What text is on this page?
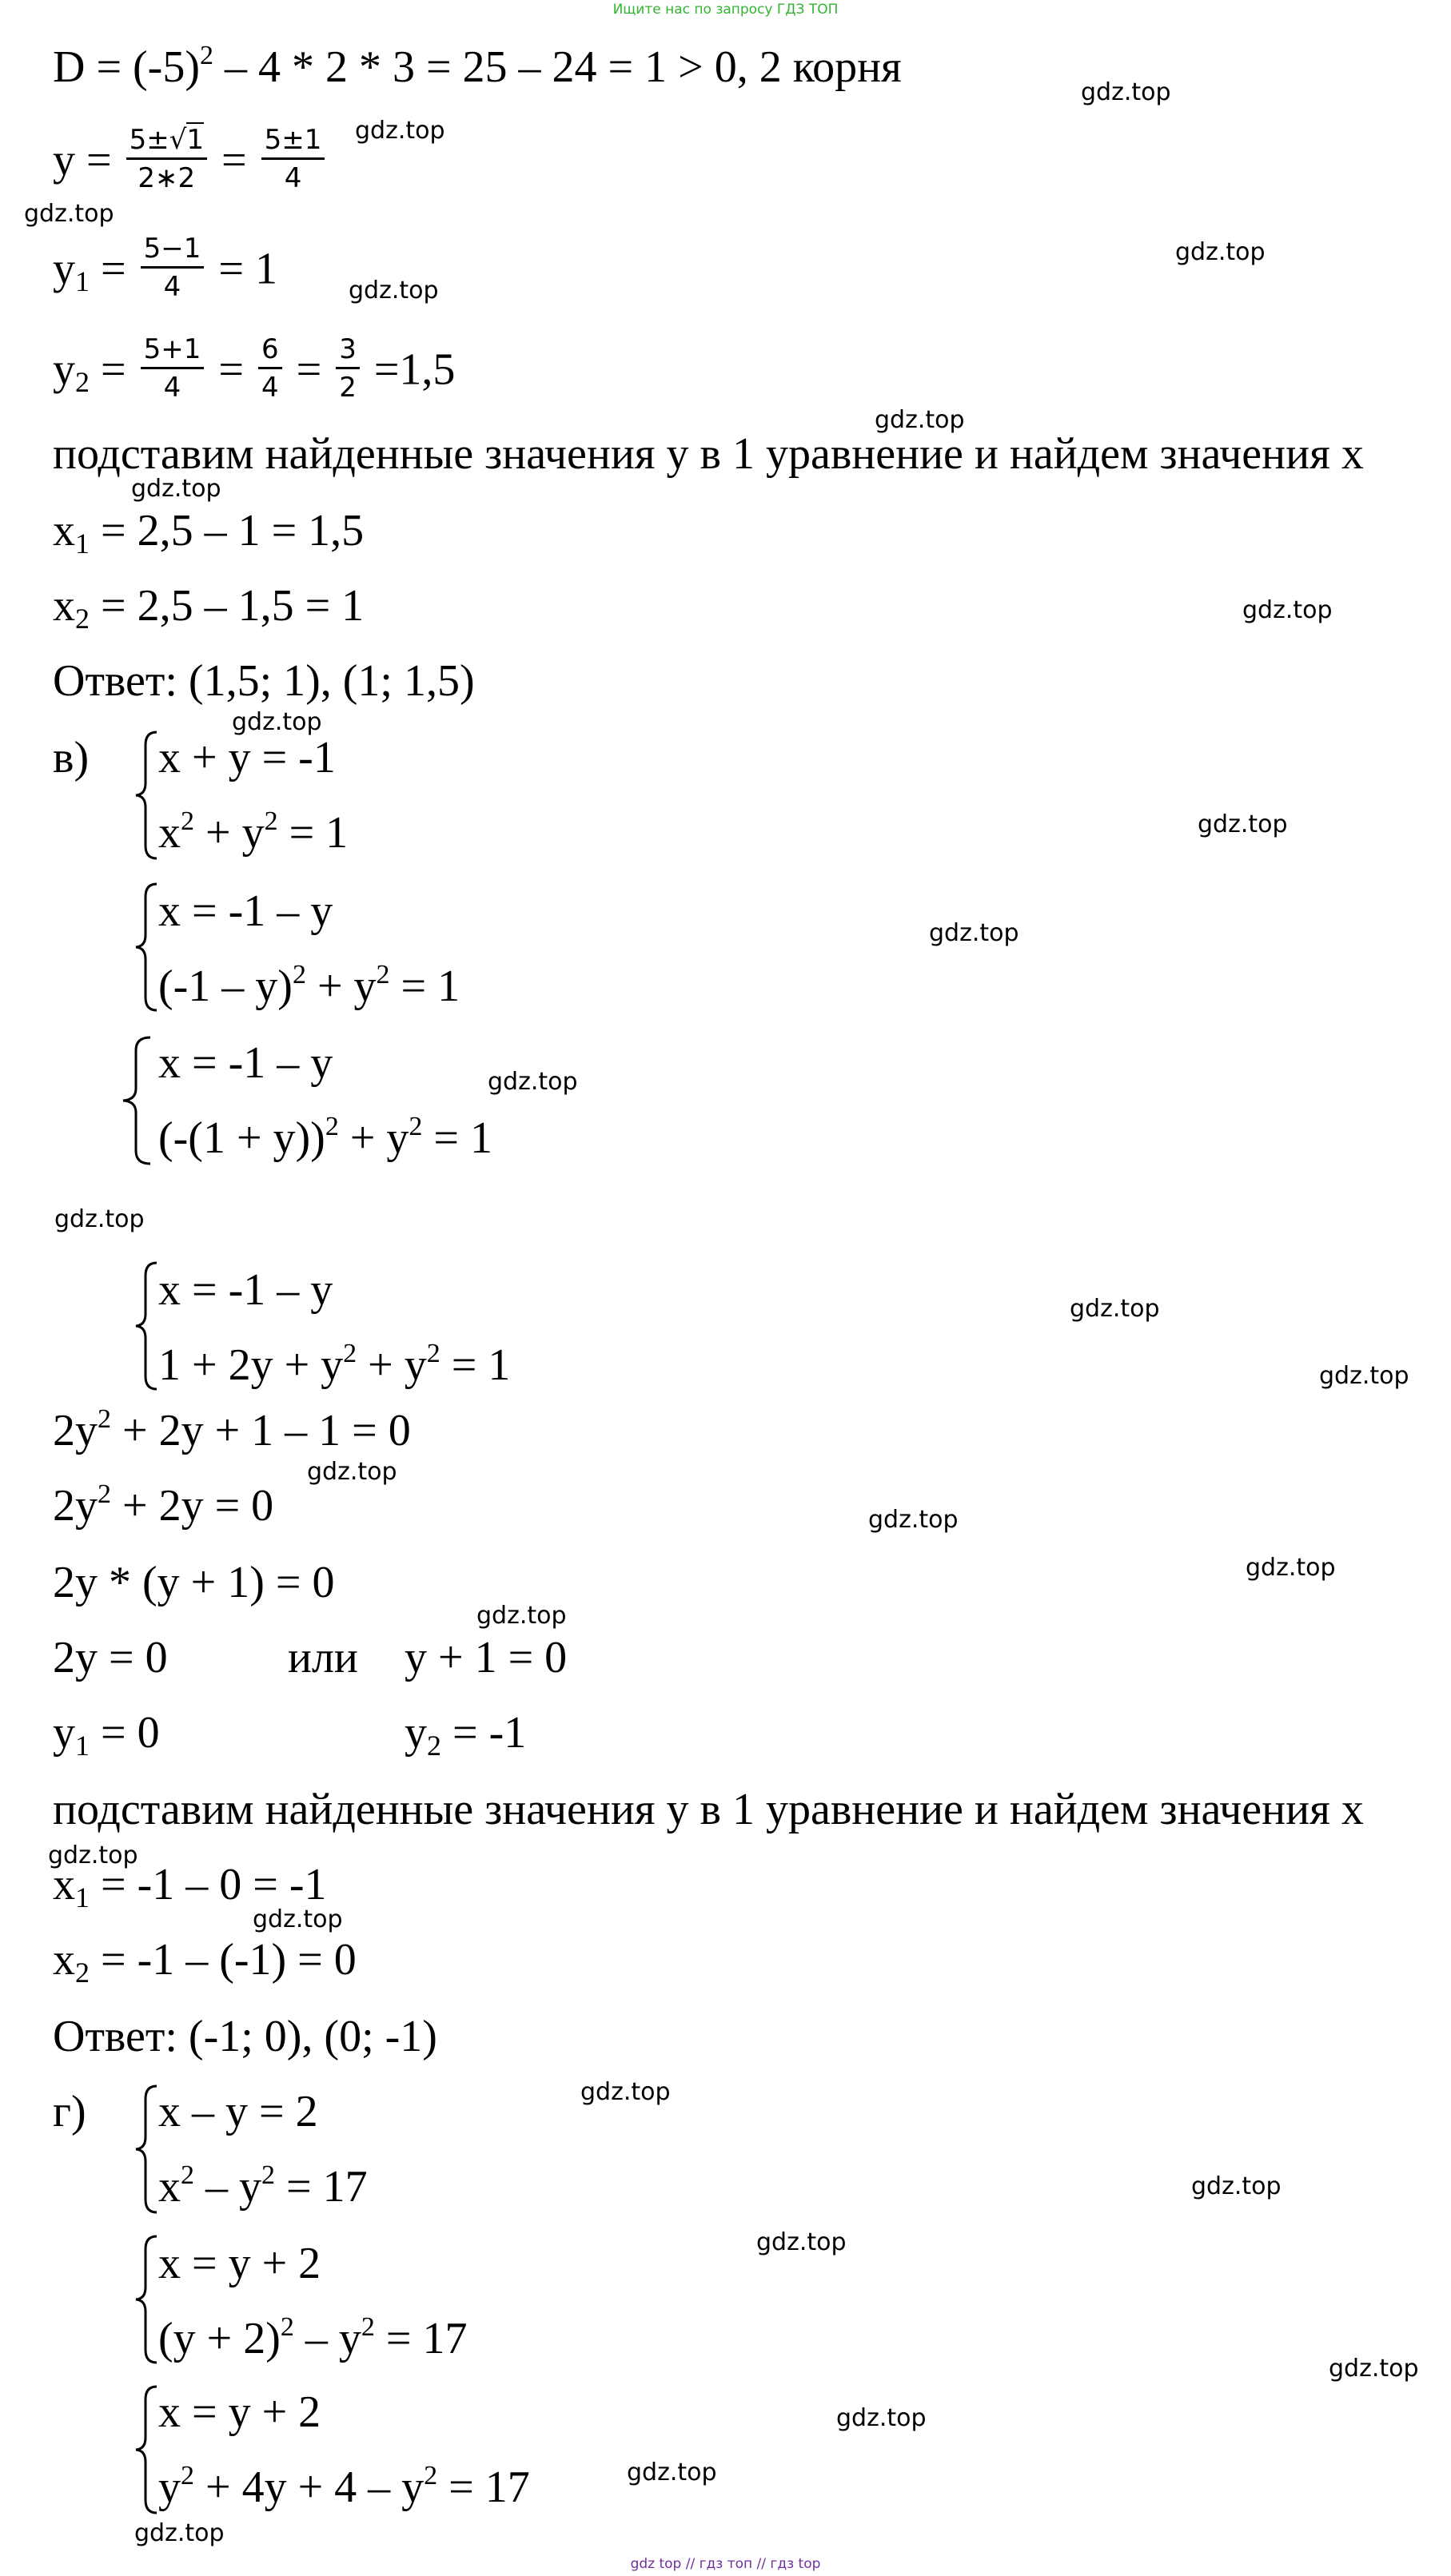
Ищите нас по запросу ГДЗ ТОП
$D = (-5)^2 - 4 * 2 * 3 = 25 - 24 = 1 > 0$, 2 корня
$y = \frac{5\pm√1}{2∗2} = \frac{5\pm 1}{4}$
$y_1 = \frac{5-1}{4} = 1$
$y_2 = \frac{5+1}{4} = \frac{6}{4} = \frac{3}{2} =1,5$
подставим найденные значения y в 1 уравнение и найдем значения x
$x_1 = 2,5 - 1 = 1,5$
$x_2 = 2,5 - 1,5 = 1$
Ответ: (1,5; 1), (1; 1,5)
в) x + y = -1
$x^2 + y^2 = 1$
x = -1 – y
$(-1 - y)^2 + y^2 = 1$
x = -1 – y
$(-(1 + y))^2 + y^2 = 1$
x = -1 – y
$1 + 2y + y^2 + y^2 = 1$
$2y^2 + 2y + 1 - 1 = 0$
$2y^2 + 2y = 0$
2y * (y + 1) = 0
2y = 0	или y + 1 = 0
$y_1 = 0$	$y_2 = -1$
подставим найденные значения y в 1 уравнение и найдем значения x
$x_1 = -1 - 0 = -1$
$x_2 = -1 - (-1) = 0$
Ответ: (-1; 0), (0; -1)
г) x – y = 2
$x^2 - y^2 = 17$
x = y + 2
$(y + 2)^2 - y^2 = 17$
x = y + 2
$y^2 + 4y + 4 - y^2 = 17$
gdz.top
gdz.top
gdz.top
gdz.top
gdz.top
gdz.top
gdz.top
gdz.top
gdz.top
gdz.top
gdz.top
gdz.top
gdz.top
gdz.top
gdz.top
gdz.top
gdz.top
gdz.top
gdz.top
gdz.top
gdz.top
gdz.top
gdz.top
gdz.top
gdz.top
gdz.top
gdz.top
gdz.top
gdz top // гдз топ // гдз top
